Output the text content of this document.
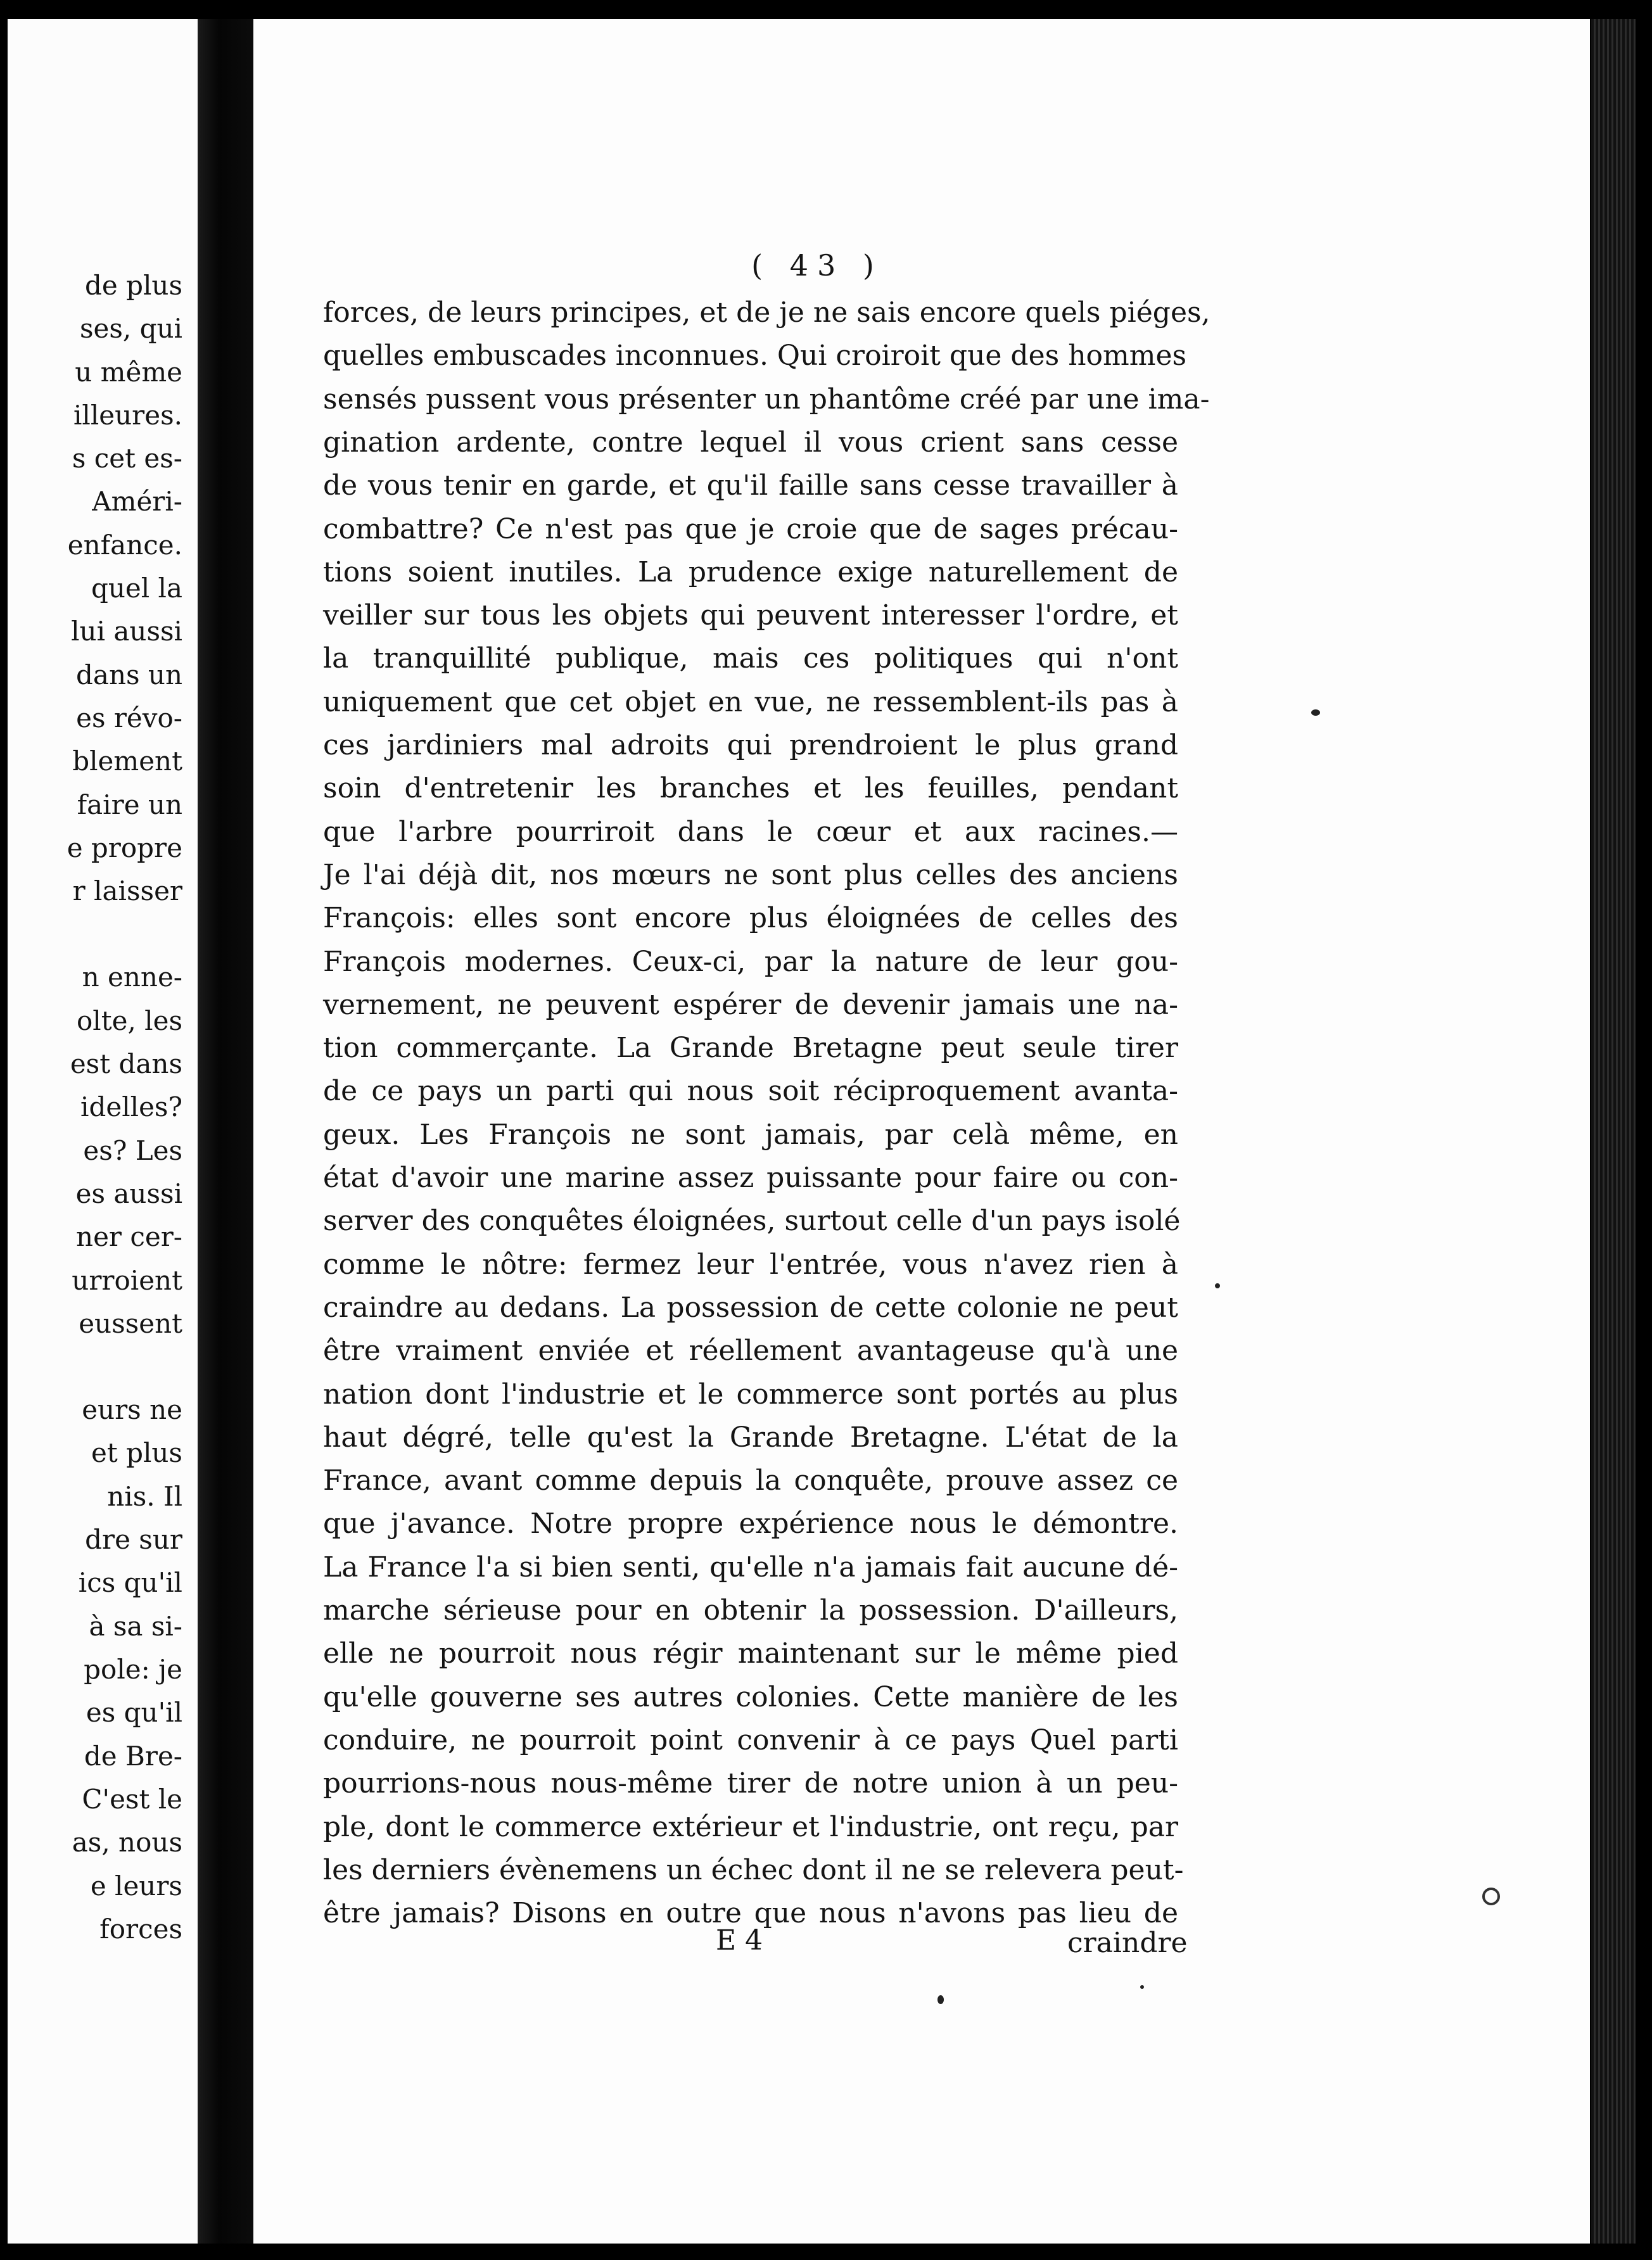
de plus
ses, qui
u même
illeures.
s cet es-
Améri-
enfance.
quel la
lui aussi
dans un
es révo-
blement
faire un
e propre
r laisser
n enne-
olte, les
est dans
idelles?
es? Les
es aussi
ner cer-
urroient
eussent
eurs ne
et plus
nis. Il
dre sur
ics qu'il
à sa si-
pole: je
es qu'il
de Bre-
C'est le
as, nous
e leurs
forces
( 43 )
forces, de leurs principes, et de je ne sais encore quels piéges,
quelles embuscades inconnues. Qui croiroit que des hommes
sensés pussent vous présenter un phantôme créé par une ima-
gination ardente, contre lequel il vous crient sans cesse
de vous tenir en garde, et qu'il faille sans cesse travailler à
combattre? Ce n'est pas que je croie que de sages précau-
tions soient inutiles. La prudence exige naturellement de
veiller sur tous les objets qui peuvent interesser l'ordre, et
la tranquillité publique, mais ces politiques qui n'ont
uniquement que cet objet en vue, ne ressemblent-ils pas à
ces jardiniers mal adroits qui prendroient le plus grand
soin d'entretenir les branches et les feuilles, pendant
que l'arbre pourriroit dans le cœur et aux racines.—
Je l'ai déjà dit, nos mœurs ne sont plus celles des anciens
François: elles sont encore plus éloignées de celles des
François modernes. Ceux-ci, par la nature de leur gou-
vernement, ne peuvent espérer de devenir jamais une na-
tion commerçante. La Grande Bretagne peut seule tirer
de ce pays un parti qui nous soit réciproquement avanta-
geux. Les François ne sont jamais, par celà même, en
état d'avoir une marine assez puissante pour faire ou con-
server des conquêtes éloignées, surtout celle d'un pays isolé
comme le nôtre: fermez leur l'entrée, vous n'avez rien à
craindre au dedans. La possession de cette colonie ne peut
être vraiment enviée et réellement avantageuse qu'à une
nation dont l'industrie et le commerce sont portés au plus
haut dégré, telle qu'est la Grande Bretagne. L'état de la
France, avant comme depuis la conquête, prouve assez ce
que j'avance. Notre propre expérience nous le démontre.
La France l'a si bien senti, qu'elle n'a jamais fait aucune dé-
marche sérieuse pour en obtenir la possession. D'ailleurs,
elle ne pourroit nous régir maintenant sur le même pied
qu'elle gouverne ses autres colonies. Cette manière de les
conduire, ne pourroit point convenir à ce pays Quel parti
pourrions-nous nous-même tirer de notre union à un peu-
ple, dont le commerce extérieur et l'industrie, ont reçu, par
les derniers évènemens un échec dont il ne se relevera peut-
être jamais? Disons en outre que nous n'avons pas lieu de
E 4	craindre
